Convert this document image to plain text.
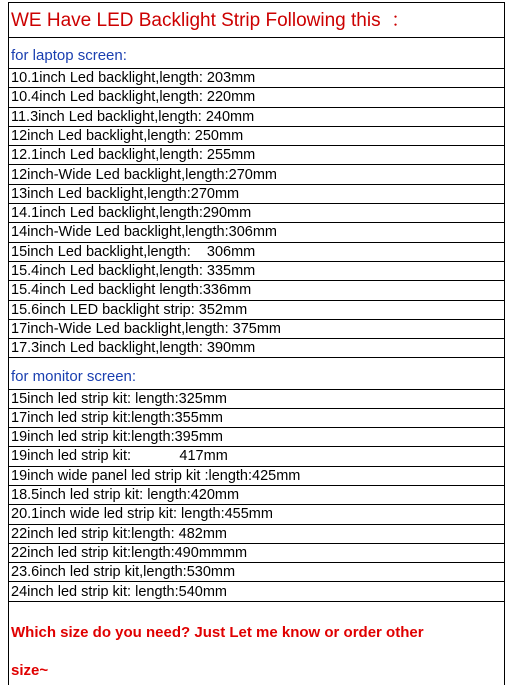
WE Have LED Backlight Strip Following this  ：
for laptop screen:
10.1inch Led backlight,length: 203mm
10.4inch Led backlight,length: 220mm
11.3inch Led backlight,length: 240mm
12inch Led backlight,length: 250mm
12.1inch Led backlight,length: 255mm
12inch-Wide Led backlight,length:270mm
13inch Led backlight,length:270mm
14.1inch Led backlight,length:290mm
14inch-Wide Led backlight,length:306mm
15inch Led backlight,length:    306mm
15.4inch Led backlight,length: 335mm
15.4inch Led backlight length:336mm
15.6inch LED backlight strip: 352mm
17inch-Wide Led backlight,length: 375mm
17.3inch Led backlight,length: 390mm
for monitor screen:
15inch led strip kit: length:325mm
17inch led strip kit:length:355mm
19inch led strip kit:length:395mm
19inch led strip kit:            417mm
19inch wide panel led strip kit :length:425mm
18.5inch led strip kit: length:420mm
20.1inch wide led strip kit: length:455mm
22inch led strip kit:length: 482mm
22inch led strip kit:length:490mmmm
23.6inch led strip kit,length:530mm
24inch led strip kit: length:540mm
Which size do you need? Just Let me know or order other
size~
